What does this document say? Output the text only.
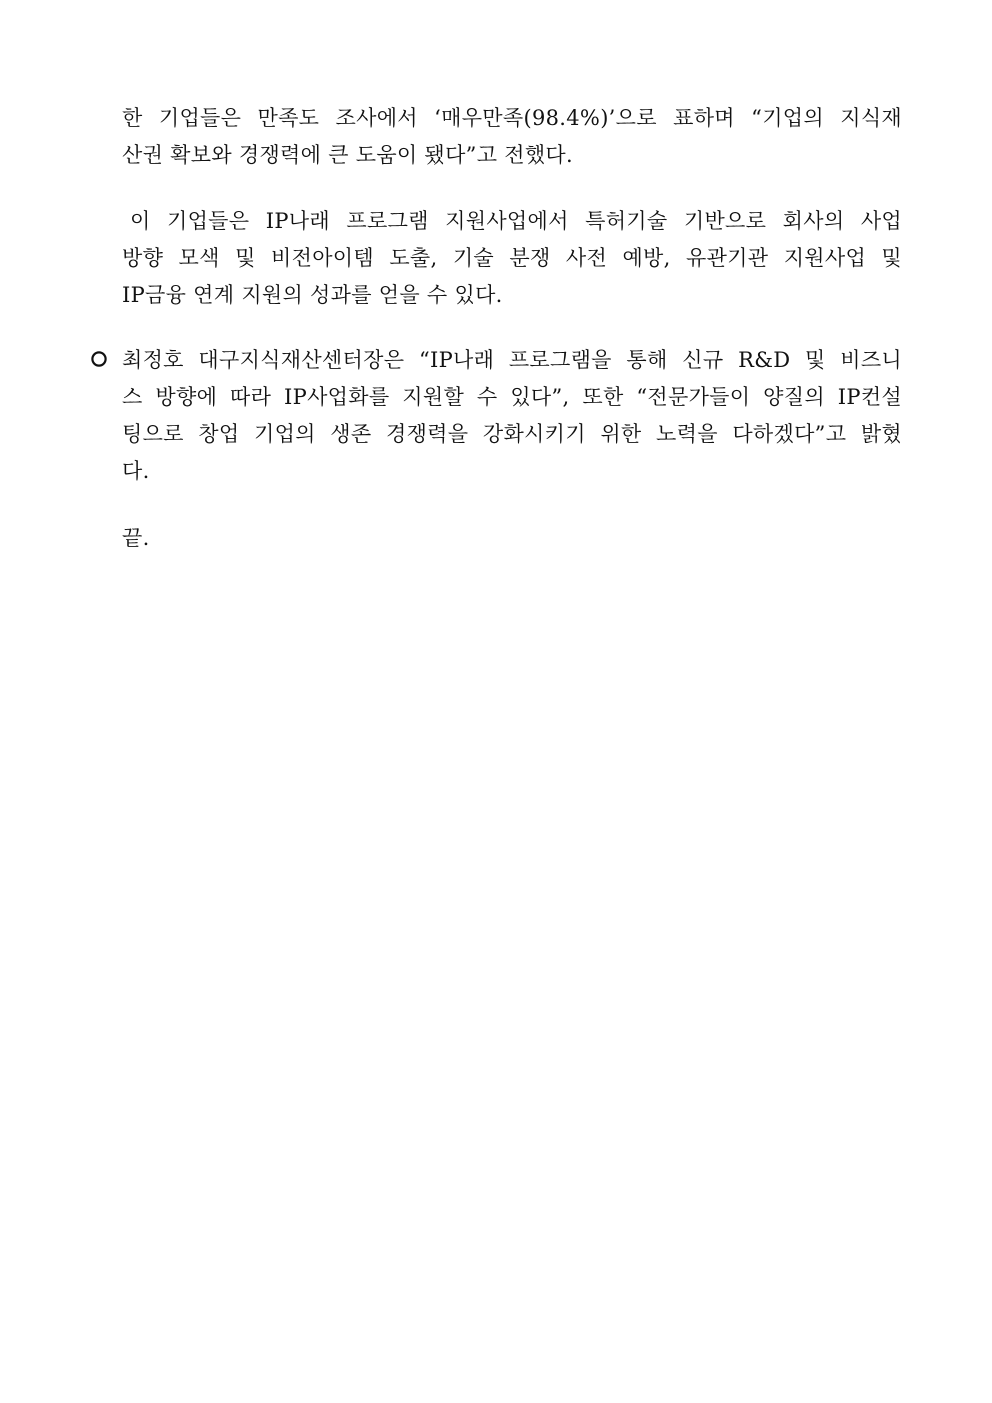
한 기업들은 만족도 조사에서 ‘매우만족(98.4%)’으로 표하며 “기업의 지식재
산권 확보와 경쟁력에 큰 도움이 됐다”고 전했다.

이 기업들은 IP나래 프로그램 지원사업에서 특허기술 기반으로 회사의 사업
방향 모색 및 비전아이템 도출, 기술 분쟁 사전 예방, 유관기관 지원사업 및
IP금융 연계 지원의 성과를 얻을 수 있다.

최정호 대구지식재산센터장은 “IP나래 프로그램을 통해 신규 R&D 및 비즈니
스 방향에 따라 IP사업화를 지원할 수 있다”, 또한 “전문가들이 양질의 IP컨설
팅으로 창업 기업의 생존 경쟁력을 강화시키기 위한 노력을 다하겠다”고 밝혔
다.

끝.
